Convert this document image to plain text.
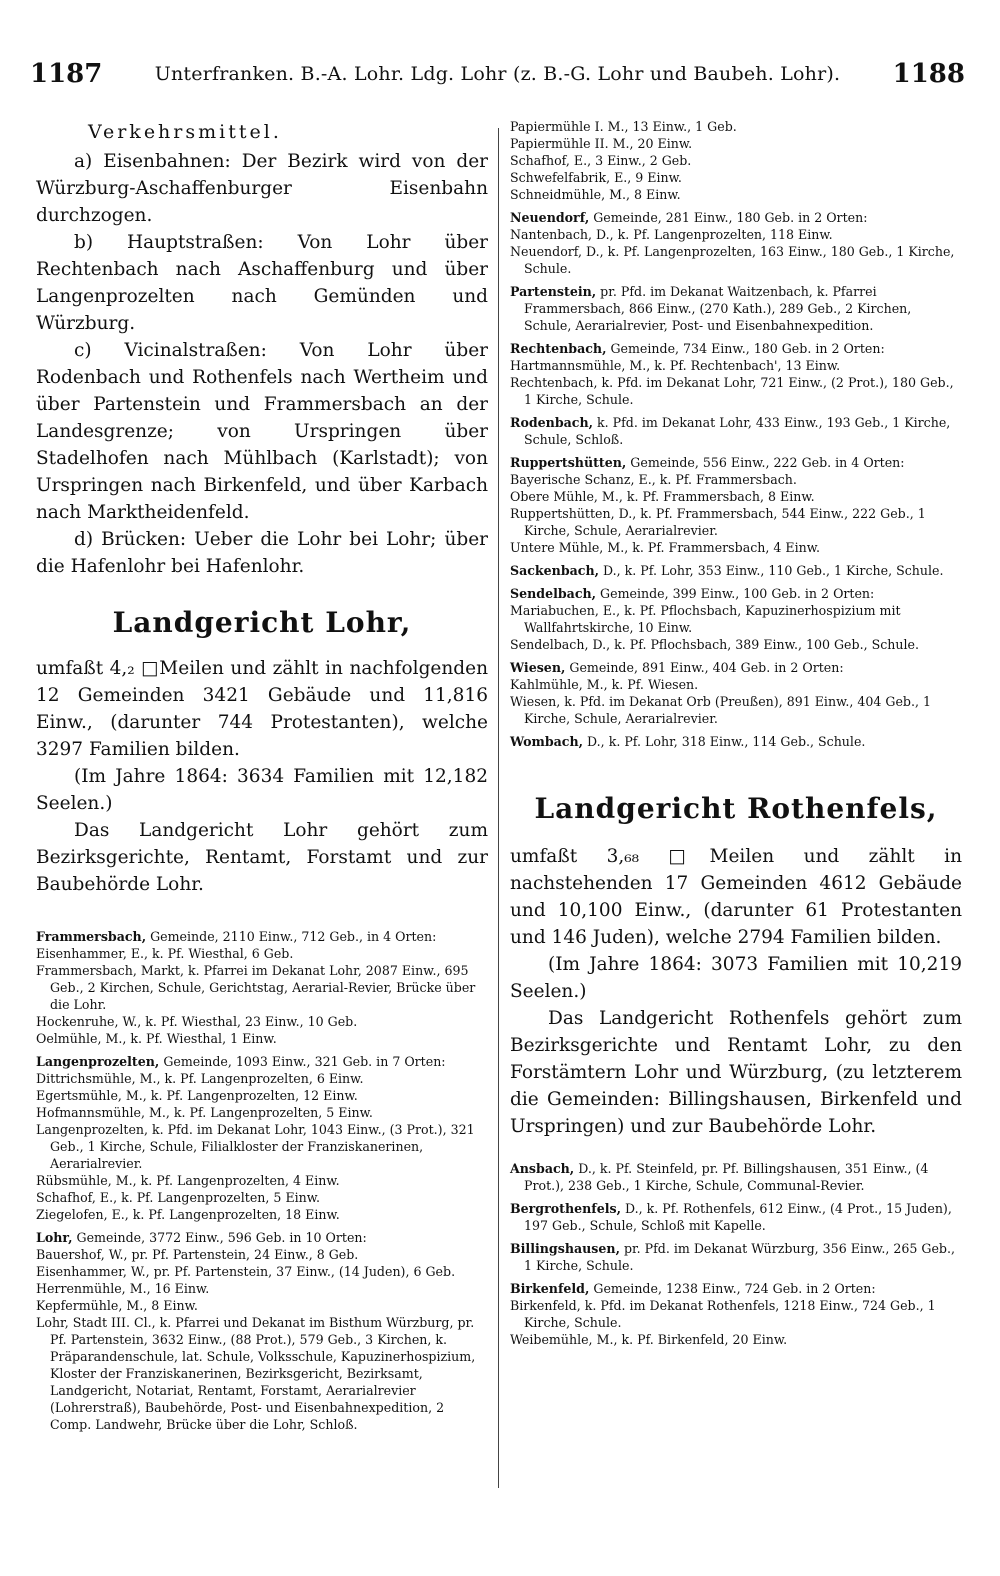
1187	Unterfranken. B.-A. Lohr. Ldg. Lohr (z. B.-G. Lohr und Baubeh. Lohr). 1188

Verkehrsmittel.

a) Eisenbahnen: Der Bezirk wird von der Würzburg-Aschaffenburger Eisenbahn durchzogen.

b) Hauptstraßen: Von Lohr über Rechtenbach nach Aschaffenburg und über Langenprozelten nach Gemünden und Würzburg.

c) Vicinalstraßen: Von Lohr über Rodenbach und Rothenfels nach Wertheim und über Partenstein und Frammersbach an der Landesgrenze; von Urspringen über Stadelhofen nach Mühlbach (Karlstadt); von Urspringen nach Birkenfeld, und über Karbach nach Marktheidenfeld.

d) Brücken: Ueber die Lohr bei Lohr; über die Hafenlohr bei Hafenlohr.

Landgericht Lohr,

umfaßt 4,₂ □Meilen und zählt in nachfolgenden 12 Gemeinden 3421 Gebäude und 11,816 Einw., (darunter 744 Protestanten), welche 3297 Familien bilden.

(Im Jahre 1864: 3634 Familien mit 12,182 Seelen.)

Das Landgericht Lohr gehört zum Bezirksgerichte, Rentamt, Forstamt und zur Baubehörde Lohr.

Frammersbach, Gemeinde, 2110 Einw., 712 Geb., in 4 Orten:

Eisenhammer, E., k. Pf. Wiesthal, 6 Geb.

Frammersbach, Markt, k. Pfarrei im Dekanat Lohr, 2087 Einw., 695 Geb., 2 Kirchen, Schule, Gerichtstag, Aerarial-Revier, Brücke über die Lohr.

Hockenruhe, W., k. Pf. Wiesthal, 23 Einw., 10 Geb.

Oelmühle, M., k. Pf. Wiesthal, 1 Einw.

Langenprozelten, Gemeinde, 1093 Einw., 321 Geb. in 7 Orten:

Dittrichsmühle, M., k. Pf. Langenprozelten, 6 Einw.

Egertsmühle, M., k. Pf. Langenprozelten, 12 Einw.

Hofmannsmühle, M., k. Pf. Langenprozelten, 5 Einw.

Langenprozelten, k. Pfd. im Dekanat Lohr, 1043 Einw., (3 Prot.), 321 Geb., 1 Kirche, Schule, Filialkloster der Franziskanerinen, Aerarialrevier.

Rübsmühle, M., k. Pf. Langenprozelten, 4 Einw.

Schafhof, E., k. Pf. Langenprozelten, 5 Einw.

Ziegelofen, E., k. Pf. Langenprozelten, 18 Einw.

Lohr, Gemeinde, 3772 Einw., 596 Geb. in 10 Orten:

Bauershof, W., pr. Pf. Partenstein, 24 Einw., 8 Geb.

Eisenhammer, W., pr. Pf. Partenstein, 37 Einw., (14 Juden), 6 Geb.

Herrenmühle, M., 16 Einw.

Kepfermühle, M., 8 Einw.

Lohr, Stadt III. Cl., k. Pfarrei und Dekanat im Bisthum Würzburg, pr. Pf. Partenstein, 3632 Einw., (88 Prot.), 579 Geb., 3 Kirchen, k. Präparandenschule, lat. Schule, Volksschule, Kapuzinerhospizium, Kloster der Franziskanerinen, Bezirksgericht, Bezirksamt, Landgericht, Notariat, Rentamt, Forstamt, Aerarialrevier (Lohrerstraß), Baubehörde, Post- und Eisenbahnexpedition, 2 Comp. Landwehr, Brücke über die Lohr, Schloß.

Papiermühle I. M., 13 Einw., 1 Geb.

Papiermühle II. M., 20 Einw.

Schafhof, E., 3 Einw., 2 Geb.

Schwefelfabrik, E., 9 Einw.

Schneidmühle, M., 8 Einw.

Neuendorf, Gemeinde, 281 Einw., 180 Geb. in 2 Orten:

Nantenbach, D., k. Pf. Langenprozelten, 118 Einw.

Neuendorf, D., k. Pf. Langenprozelten, 163 Einw., 180 Geb., 1 Kirche, Schule.

Partenstein, pr. Pfd. im Dekanat Waitzenbach, k. Pfarrei Frammersbach, 866 Einw., (270 Kath.), 289 Geb., 2 Kirchen, Schule, Aerarialrevier, Post- und Eisenbahnexpedition.

Rechtenbach, Gemeinde, 734 Einw., 180 Geb. in 2 Orten:

Hartmannsmühle, M., k. Pf. Rechtenbach', 13 Einw.

Rechtenbach, k. Pfd. im Dekanat Lohr, 721 Einw., (2 Prot.), 180 Geb., 1 Kirche, Schule.

Rodenbach, k. Pfd. im Dekanat Lohr, 433 Einw., 193 Geb., 1 Kirche, Schule, Schloß.

Ruppertshütten, Gemeinde, 556 Einw., 222 Geb. in 4 Orten:

Bayerische Schanz, E., k. Pf. Frammersbach.

Obere Mühle, M., k. Pf. Frammersbach, 8 Einw.

Ruppertshütten, D., k. Pf. Frammersbach, 544 Einw., 222 Geb., 1 Kirche, Schule, Aerarialrevier.

Untere Mühle, M., k. Pf. Frammersbach, 4 Einw.

Sackenbach, D., k. Pf. Lohr, 353 Einw., 110 Geb., 1 Kirche, Schule.

Sendelbach, Gemeinde, 399 Einw., 100 Geb. in 2 Orten:

Mariabuchen, E., k. Pf. Pflochsbach, Kapuzinerhospizium mit Wallfahrtskirche, 10 Einw.

Sendelbach, D., k. Pf. Pflochsbach, 389 Einw., 100 Geb., Schule.

Wiesen, Gemeinde, 891 Einw., 404 Geb. in 2 Orten:

Kahlmühle, M., k. Pf. Wiesen.

Wiesen, k. Pfd. im Dekanat Orb (Preußen), 891 Einw., 404 Geb., 1 Kirche, Schule, Aerarialrevier.

Wombach, D., k. Pf. Lohr, 318 Einw., 114 Geb., Schule.

Landgericht Rothenfels,

umfaßt 3,₆₈ □Meilen und zählt in nachstehenden 17 Gemeinden 4612 Gebäude und 10,100 Einw., (darunter 61 Protestanten und 146 Juden), welche 2794 Familien bilden.

(Im Jahre 1864: 3073 Familien mit 10,219 Seelen.)

Das Landgericht Rothenfels gehört zum Bezirksgerichte und Rentamt Lohr, zu den Forstämtern Lohr und Würzburg, (zu letzterem die Gemeinden: Billingshausen, Birkenfeld und Urspringen) und zur Baubehörde Lohr.

Ansbach, D., k. Pf. Steinfeld, pr. Pf. Billingshausen, 351 Einw., (4 Prot.), 238 Geb., 1 Kirche, Schule, Communal-Revier.

Bergrothenfels, D., k. Pf. Rothenfels, 612 Einw., (4 Prot., 15 Juden), 197 Geb., Schule, Schloß mit Kapelle.

Billingshausen, pr. Pfd. im Dekanat Würzburg, 356 Einw., 265 Geb., 1 Kirche, Schule.

Birkenfeld, Gemeinde, 1238 Einw., 724 Geb. in 2 Orten:

Birkenfeld, k. Pfd. im Dekanat Rothenfels, 1218 Einw., 724 Geb., 1 Kirche, Schule.

Weibemühle, M., k. Pf. Birkenfeld, 20 Einw.
